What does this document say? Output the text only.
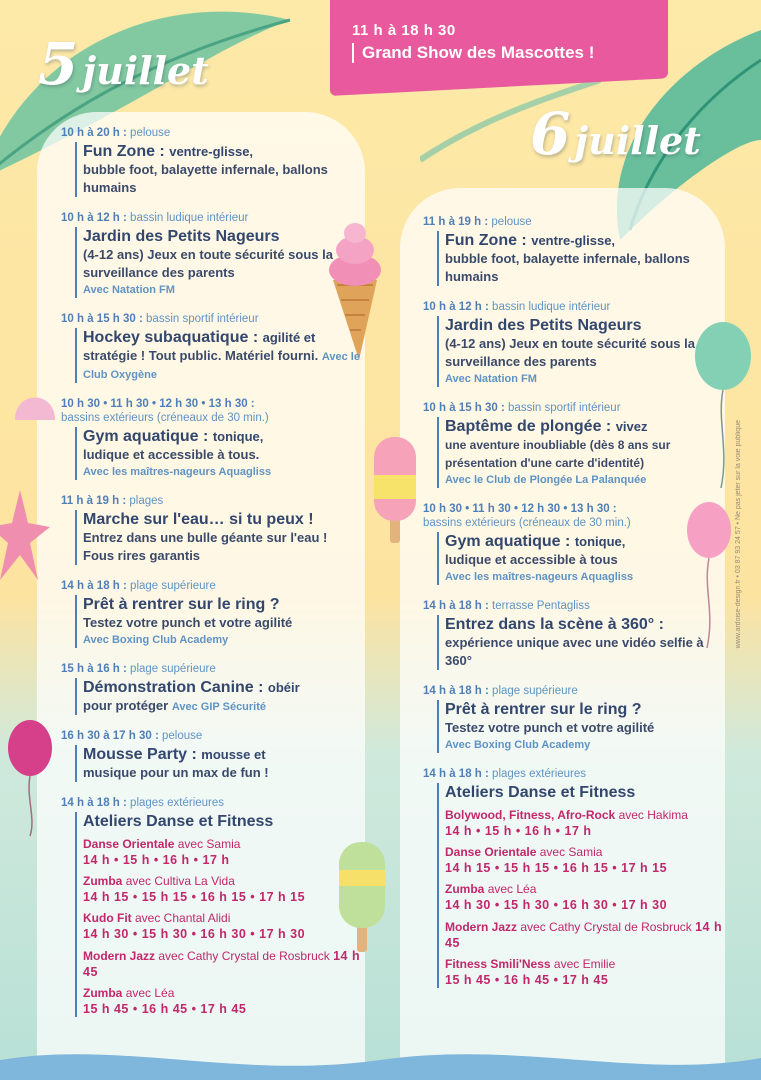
11 h à 18 h 30
Grand Show des Mascottes !
5 juillet
6 juillet
10 h à 20 h : pelouse
Fun Zone : ventre-glisse,
bubble foot, balayette infernale, ballons humains
10 h à 12 h : bassin ludique intérieur
Jardin des Petits Nageurs
(4-12 ans) Jeux en toute sécurité sous la surveillance des parents
Avec Natation FM
10 h à 15 h 30 : bassin sportif intérieur
Hockey subaquatique : agilité et
stratégie ! Tout public. Matériel fourni. Avec le Club Oxygène
10 h 30 • 11 h 30 • 12 h 30 • 13 h 30 :
bassins extérieurs (créneaux de 30 min.)
Gym aquatique : tonique,
ludique et accessible à tous.
Avec les maîtres-nageurs Aquagliss
11 h à 19 h : plages
Marche sur l'eau… si tu peux !
Entrez dans une bulle géante sur l'eau ! Fous rires garantis
14 h à 18 h : plage supérieure
Prêt à rentrer sur le ring ?
Testez votre punch et votre agilité
Avec Boxing Club Academy
15 h à 16 h : plage supérieure
Démonstration Canine : obéir
pour protéger Avec GIP Sécurité
16 h 30 à 17 h 30 : pelouse
Mousse Party : mousse et
musique pour un max de fun !
14 h à 18 h : plages extérieures
Ateliers Danse et Fitness
Danse Orientale avec Samia
14 h • 15 h • 16 h • 17 h
Zumba avec Cultiva La Vida
14 h 15 • 15 h 15 • 16 h 15 • 17 h 15
Kudo Fit avec Chantal Alidi
14 h 30 • 15 h 30 • 16 h 30 • 17 h 30
Modern Jazz avec Cathy Crystal de Rosbruck 14 h 45
Zumba avec Léa
15 h 45 • 16 h 45 • 17 h 45
11 h à 19 h : pelouse
Fun Zone : ventre-glisse,
bubble foot, balayette infernale, ballons humains
10 h à 12 h : bassin ludique intérieur
Jardin des Petits Nageurs
(4-12 ans) Jeux en toute sécurité sous la surveillance des parents
Avec Natation FM
10 h à 15 h 30 : bassin sportif intérieur
Baptême de plongée : vivez
une aventure inoubliable (dès 8 ans sur présentation d'une carte d'identité)
Avec le Club de Plongée La Palanquée
10 h 30 • 11 h 30 • 12 h 30 • 13 h 30 :
bassins extérieurs (créneaux de 30 min.)
Gym aquatique : tonique,
ludique et accessible à tous
Avec les maîtres-nageurs Aquagliss
14 h à 18 h : terrasse Pentagliss
Entrez dans la scène à 360° :
expérience unique avec une vidéo selfie à 360°
14 h à 18 h : plage supérieure
Prêt à rentrer sur le ring ?
Testez votre punch et votre agilité
Avec Boxing Club Academy
14 h à 18 h : plages extérieures
Ateliers Danse et Fitness
Bolywood, Fitness, Afro-Rock avec Hakima
14 h • 15 h • 16 h • 17 h
Danse Orientale avec Samia
14 h 15 • 15 h 15 • 16 h 15 • 17 h 15
Zumba avec Léa
14 h 30 • 15 h 30 • 16 h 30 • 17 h 30
Modern Jazz avec Cathy Crystal de Rosbruck 14 h 45
Fitness Smili'Ness avec Emilie
15 h 45 • 16 h 45 • 17 h 45
www.ardoise-design.fr • 03 87 93 24 57 • Ne pas jeter sur la voie publique
